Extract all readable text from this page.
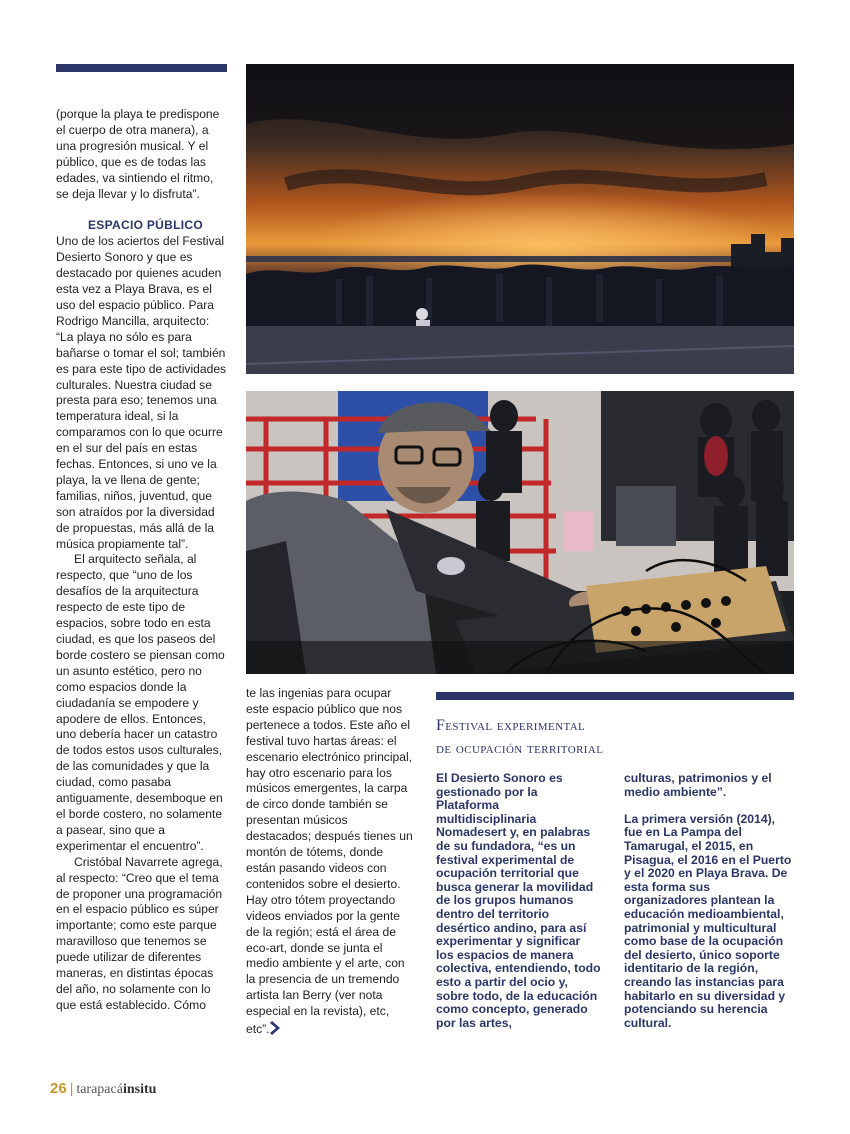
(porque la playa te predispone el cuerpo de otra manera), a una progresión musical. Y el público, que es de todas las edades, va sintiendo el ritmo, se deja llevar y lo disfruta”.

ESPACIO PÚBLICO

Uno de los aciertos del Festival Desierto Sonoro y que es destacado por quienes acuden esta vez a Playa Brava, es el uso del espacio público. Para Rodrigo Mancilla, arquitecto: “La playa no sólo es para bañarse o tomar el sol; también es para este tipo de actividades culturales. Nuestra ciudad se presta para eso; tenemos una temperatura ideal, si la comparamos con lo que ocurre en el sur del país en estas fechas. Entonces, si uno ve la playa, la ve llena de gente; familias, niños, juventud, que son atraídos por la diversidad de propuestas, más allá de la música propiamente tal”.

El arquitecto señala, al respecto, que “uno de los desafíos de la arquitectura respecto de este tipo de espacios, sobre todo en esta ciudad, es que los paseos del borde costero se piensan como un asunto estético, pero no como espacios donde la ciudadanía se empodere y apodere de ellos. Entonces, uno debería hacer un catastro de todos estos usos culturales, de las comunidades y que la ciudad, como pasaba antiguamente, desemboque en el borde costero, no solamente a pasear, sino que a experimentar el encuentro”.

Cristóbal Navarrete agrega, al respecto: “Creo que el tema de proponer una programación en el espacio público es súper importante; como este parque maravilloso que tenemos se puede utilizar de diferentes maneras, en distintas épocas del año, no solamente con lo que está establecido. Cómo

te las ingenias para ocupar este espacio público que nos pertenece a todos. Este año el festival tuvo hartas áreas: el escenario electrónico principal, hay otro escenario para los músicos emergentes, la carpa de circo donde también se presentan músicos destacados; después tienes un montón de tótems, donde están pasando videos con contenidos sobre el desierto. Hay otro tótem proyectando videos enviados por la gente de la región; está el área de eco-art, donde se junta el medio ambiente y el arte, con la presencia de un tremendo artista Ian Berry (ver nota especial en la revista), etc, etc”.

Festival experimental
de ocupación territorial

El Desierto Sonoro es gestionado por la Plataforma multidisciplinaria Nomadesert y, en palabras de su fundadora, “es un festival experimental de ocupación territorial que busca generar la movilidad de los grupos humanos dentro del territorio desértico andino, para así experimentar y significar los espacios de manera colectiva, entendiendo, todo esto a partir del ocio y, sobre todo, de la educación como concepto, generado por las artes,

culturas, patrimonios y el medio ambiente”.

La primera versión (2014), fue en La Pampa del Tamarugal, el 2015, en Pisagua, el 2016 en el Puerto y el 2020 en Playa Brava. De esta forma sus organizadores plantean la educación medioambiental, patrimonial y multicultural como base de la ocupación del desierto, único soporte identitario de la región, creando las instancias para habitarlo en su diversidad y potenciando su herencia cultural.

26 | tarapacáinsitu
